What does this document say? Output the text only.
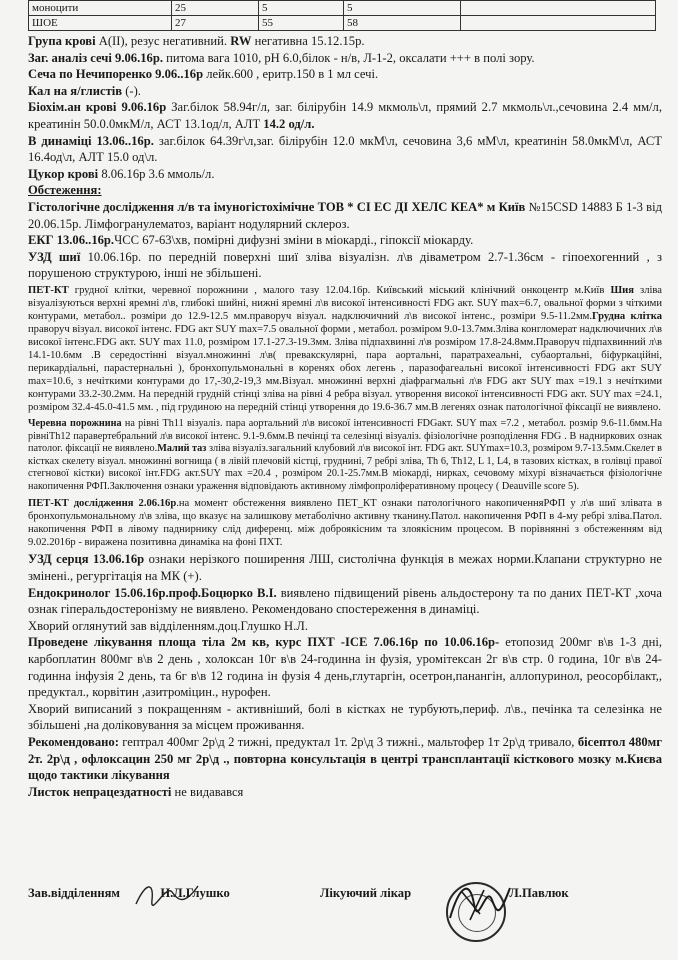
моноцити	25	5	5	
ШОЕ	27	55	58	
Група крові А(ІІ), резус негативний. RW негативна 15.12.15р.
Заг. аналіз сечі 9.06.16р. питома вага 1010, рН 6.0,білок - н/в, Л-1-2, оксалати +++ в полі зору.
Сеча по Нечипоренко 9.06..16р лейк.600 , еритр.150 в 1 мл сечі.
Кал на я/глистів (-).
Біохім.ан крові 9.06.16р Заг.білок 58.94г/л, заг. білірубін 14.9 мкмоль\л, прямий 2.7 мкмоль\л.,сечовина 2.4 мм/л, креатинін 50.0.0мкМ/л, АСТ 13.1од/л, АЛТ 14.2 од/л.
В динаміці 13.06..16р. заг.білок 64.39г\л,заг. білірубін 12.0 мкМ\л, сечовина 3,6 мМ\л, креатинін 58.0мкМ\л, АСТ 16.4од\л, АЛТ 15.0 од\л.
Цукор крові 8.06.16р 3.6 ммоль/л.
Обстеження:
Гістологічне дослідження л/в та імуногістохімічне ТОВ * СІ ЕС ДІ ХЕЛС КЕА* м Київ №15CSD 14883 Б 1-3 від 20.06.15р. Лімфогранулематоз, варіант нодулярний склероз.
ЕКГ 13.06..16р.ЧСС 67-63\хв, помірні дифузні зміни в міокарді., гіпоксії міокарду.
УЗД шиї 10.06.16р. по передній поверхні шиї зліва візуалізн. л\в діваметром 2.7-1.36см - гіпоехогенний , з порушеною структурою, інші не збільшені.
ПЕТ-КТ грудної клітки, черевної порожнини , малого тазу 12.04.16р. Київський міський клінічний онкоцентр м.Київ Шия зліва візуалізуються верхні яремні л\в, глибокі шийні, нижні яремні л\в високої інтенсивності FDG акт. SUY max=6.7, овальної форми з чіткими контурами, метабол.. розміри до 12.9-12.5 мм.праворуч візуал. надключичний л\в високої інтенс., розміри 9.5-11.2мм.Грудна клітка праворуч візуал. високої інтенс. FDG акт SUY max=7.5 овальної форми , метабол. розміром 9.0-13.7мм.Зліва конгломерат надключичних л\в високої інтенс.FDG акт. SUY max 11.0, розміром 17.1-27.3-19.3мм. Зліва підпахвинні л\в розміром 17.8-24.8мм.Праворуч підпахвинний л\в 14.1-10.6мм .В середостінні візуал.множинні л\в( превакскулярні, пара аортальні, паратрахеальні, субаортальні, біфуркаційні, перикардіальні, парастернальні ), бронхопульмональні в коренях обох легень , паразофагеальні високої інтенсивності FDG акт SUY max=10.6, з нечіткими контурами до 17,-30,2-19,3 мм.Візуал. множинні верхні діафрагмальні л\в FDG акт SUY max =19.1 з нечіткими контурами 33.2-30.2мм. На передній грудній стінці зліва на рівні 4 ребра візуал. утворення високої інтенсивності FDG акт. SUY max =24.1, розміром 32.4-45.0-41.5 мм. , під грудиною на передній стінці утворення до 19.6-36.7 мм.В легенях ознак патологічної фіксації не виявлено.
Черевна порожнина на рівні Th11 візуаліз. пара аортальний л\в високої інтенсивності FDGакт. SUY max =7.2 , метабол. розмір 9.6-11.6мм.На рівніTh12 паравертебральний л\в високої інтенс. 9.1-9.6мм.В печінці та селезінці візуаліз. фізіологічне розподілення FDG . В надниркових ознак патолог. фіксації не виявлено.Малий таз зліва візуаліз.загальний клубовий л\в високої інт. FDG акт. SUYmax=10.3, розміром 9.7-13.5мм.Скелет в кістках скелету візуал. множинні вогнища ( в лівій плечовій кістці, груднині, 7 ребрі зліва, Th 6, Th12, L 1, L4, в тазових кістках, в голівці правої стегнової кістки) високої інт.FDG акт.SUY max =20.4 , розміром 20.1-25.7мм.В міокарді, нирках, сечовому міхурі візначається фізіологічне накопичення РФП.Заключення ознаки ураження відповідають активному лімфопроліферативному процесу ( Deauville score 5).
ПЕТ-КТ дослідження 2.06.16р.на момент обстеження виявлено ПЕТ_КТ ознаки патологічного накопиченняРФП у л\в шиї злівата в бронхопульмональному л\в зліва, що вказує на залишкову метаболічно активну тканину.Патол. накопичення РФП в 4-му ребрі зліва.Патол. накопичення РФП в лівому паднирнику слід диференц. між доброякісним та злоякісним процесом. В порівнянні з обстеженням від 9.02.2016р - виражена позитивна динаміка на фоні ПХТ.
УЗД серця 13.06.16р ознаки нерізкого поширення ЛШ, систолічна функція в межах норми.Клапани структурно не змінені., регургітація на МК (+).
Ендокринолог 15.06.16р.проф.Боцюрко В.І. виявлено підвищений рівень альдостерону та по даних ПЕТ-КТ ,хоча ознак гіперальдостеронізму не виявлено. Рекомендовано спостереження в динаміці.
Хворий оглянутий зав відділенням.доц.Глушко Н.Л.
Проведене лікування площа тіла 2м кв, курс ПХТ -ICE 7.06.16р по 10.06.16р- етопозид 200мг в\в 1-3 дні, карбоплатин 800мг в\в 2 день , холоксан 10г в\в 24-годинна ін фузія, уромітексан 2г в\в стр. 0 година, 10г в\в 24-годинна інфузія 2 день, та 6г в\в 12 година ін фузія 4 день,глутаргін, осетрон,панангін, аллопуринол, реосорбілакт,, предуктал., корвітин ,азитроміцин., нурофен.
Хворий виписаний з покращенням - активніший, болі в кістках не турбують,периф. л\в., печінка та селезінка не збільшені ,на доліковування за місцем проживання.
Рекомендовано: гептрал 400мг 2р\д 2 тижні, предуктал 1т. 2р\д 3 тижні., мальтофер 1т 2р\д тривало, бісептол 480мг 2т. 2р\д , офлоксацин 250 мг 2р\д ., повторна консультація в центрі трансплантації кісткового мозку м.Києва щодо тактики лікування
Листок непрацездатності не видавався
Зав.відділенням	Н.Л.Глушко	Лікуючий лікар	Л.Павлюк
